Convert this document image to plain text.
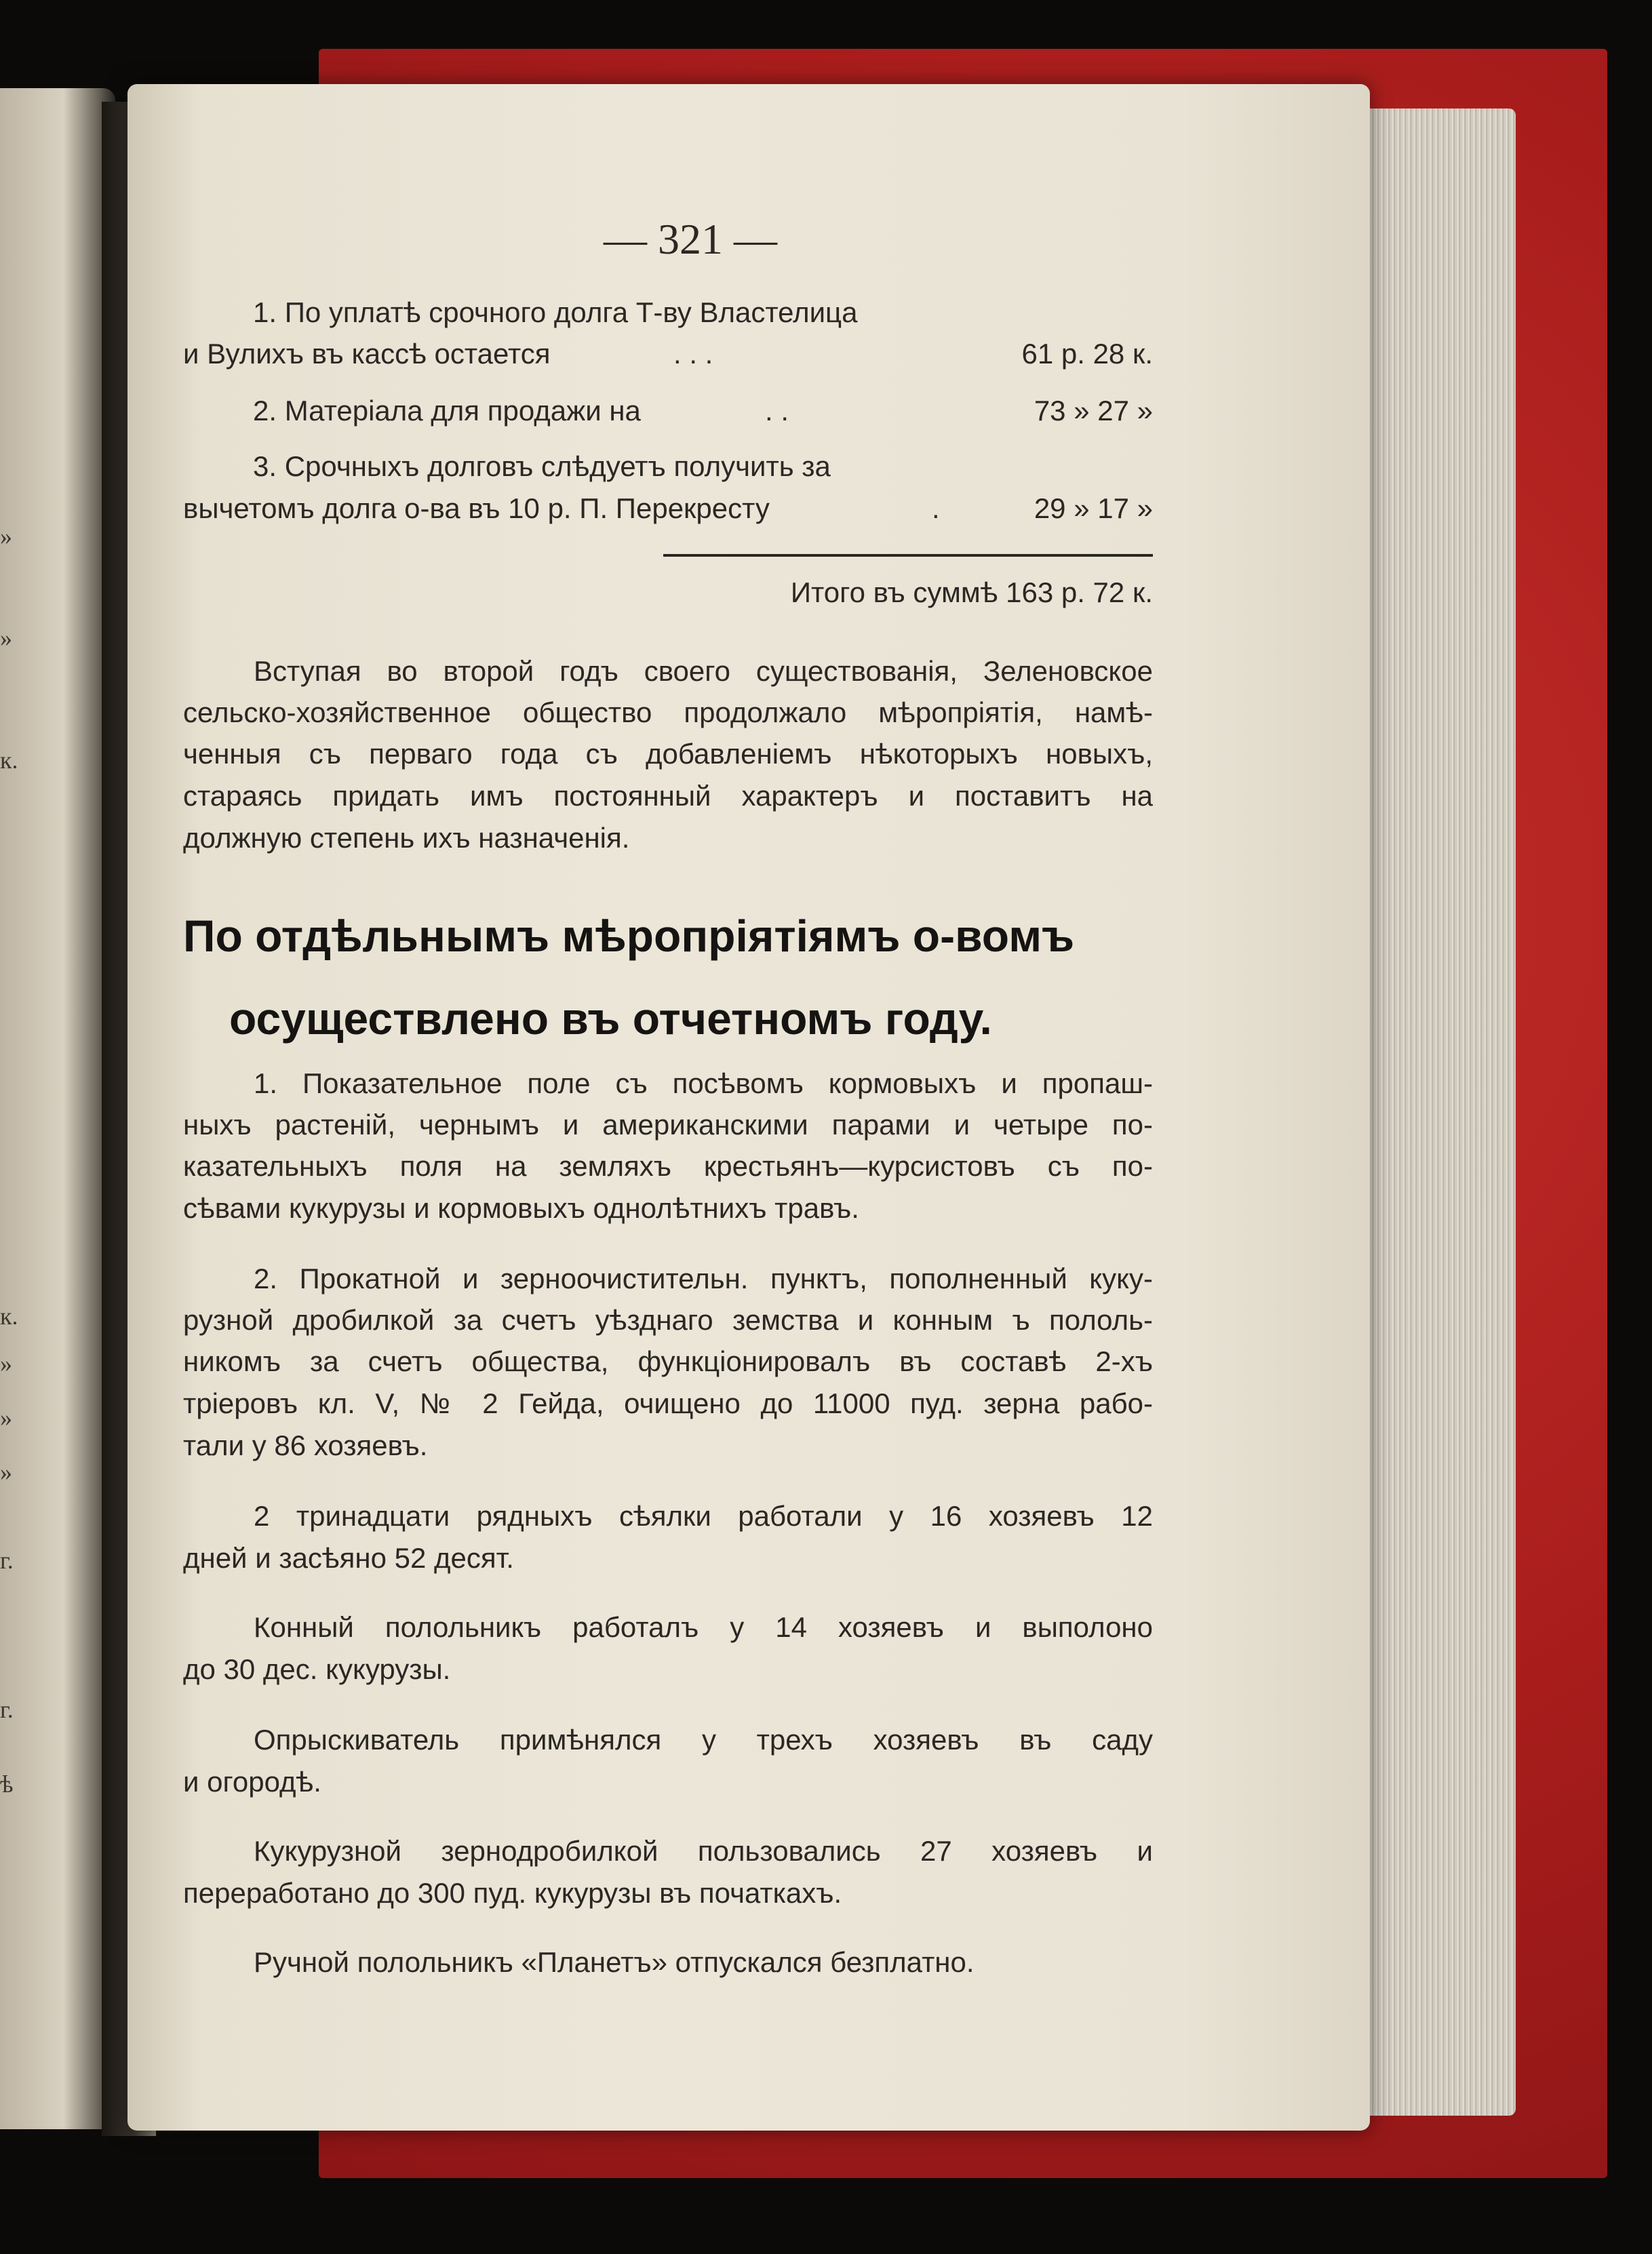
»
»
к.
к.
»
»
»
г.
г.
ѣ
— 321 —
1. По уплатѣ срочного долга Т-ву Властелица
и Вулихъ въ кассѣ остается	. . .	61 р. 28 к.
2. Матеріала для продажи на	. .	73 » 27 »
3. Срочныхъ долговъ слѣдуетъ получить за
вычетомъ долга о-ва въ 10 р. П. Перекресту	.	29 » 17 »
Итого въ суммѣ 163 р. 72 к.
Вступая во второй годъ своего существованія, Зеленовское
сельско-хозяйственное общество продолжало мѣропріятія, намѣ-
ченныя съ перваго года съ добавленіемъ нѣкоторыхъ новыхъ,
стараясь придать имъ постоянный характеръ и поставитъ на
должную степень ихъ назначенія.
По отдѣльнымъ мѣропріятіямъ о-вомъ
осуществлено въ отчетномъ году.
1. Показательное поле съ посѣвомъ кормовыхъ и пропаш-
ныхъ растеній, чернымъ и американскими парами и четыре по-
казательныхъ поля на земляхъ крестьянъ—курсистовъ съ по-
сѣвами кукурузы и кормовыхъ однолѣтнихъ травъ.
2. Прокатной и зерноочистительн. пунктъ, пополненный куку-
рузной дробилкой за счетъ уѣзднаго земства и конным ъ пололь-
никомъ за счетъ общества, функціонировалъ въ составѣ 2-хъ
тріеровъ кл. V, № 2 Гейда, очищено до 11000 пуд. зерна рабо-
тали у 86 хозяевъ.
2 тринадцати рядныхъ сѣялки работали у 16 хозяевъ 12
дней и засѣяно 52 десят.
Конный полольникъ работалъ у 14 хозяевъ и выполоно
до 30 дес. кукурузы.
Опрыскиватель примѣнялся у трехъ хозяевъ въ саду
и огородѣ.
Кукурузной зернодробилкой пользовались 27 хозяевъ и
переработано до 300 пуд. кукурузы въ початкахъ.
Ручной полольникъ «Планетъ» отпускался безплатно.
